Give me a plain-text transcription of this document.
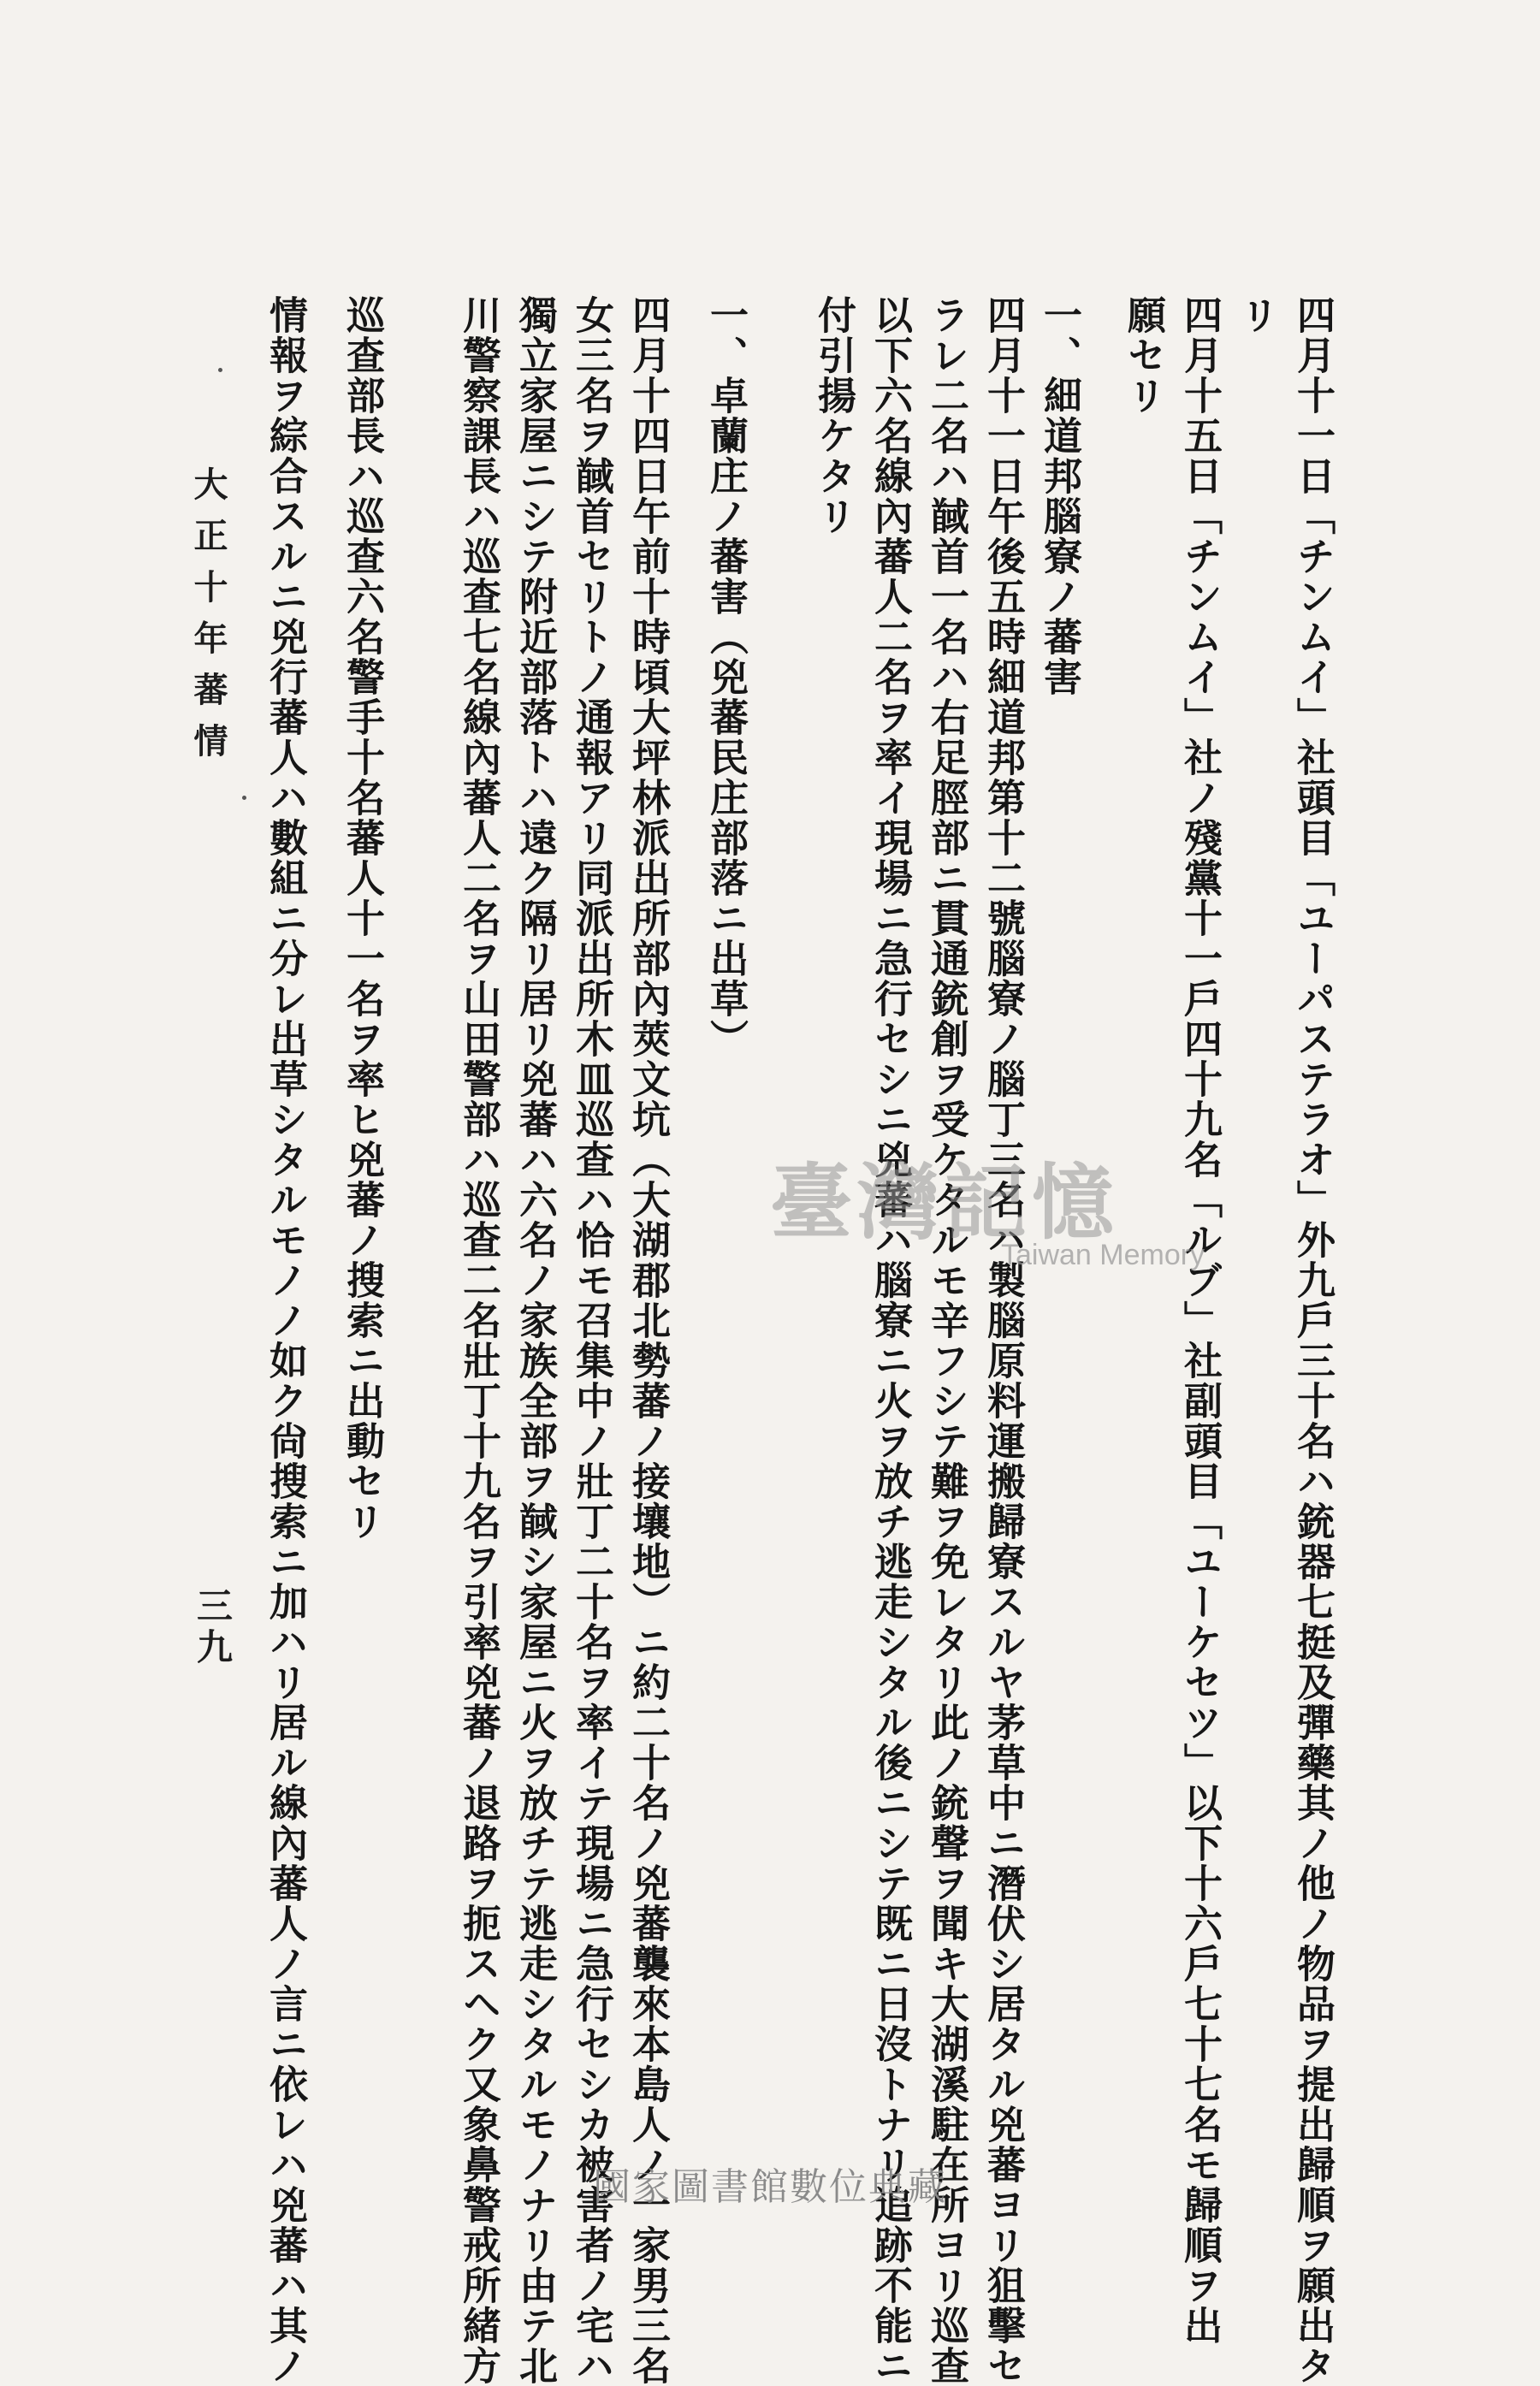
四月十一日「チンムイ」社頭目「ユーパステラオ」外九戶三十名ハ銃器七挺及彈藥其ノ他ノ物品ヲ提出歸順ヲ願出タ
リ
四月十五日「チンムイ」社ノ殘黨十一戶四十九名「ルブ」社副頭目「ユーケセツ」以下十六戶七十七名モ歸順ヲ出
願セリ
一、細道邦腦寮ノ蕃害
四月十一日午後五時細道邦第十二號腦寮ノ腦丁三名ハ製腦原料運搬歸寮スルヤ茅草中ニ潛伏シ居タル兇蕃ヨリ狙擊セ
ラレ二名ハ馘首一名ハ右足脛部ニ貫通銃創ヲ受ケタルモ辛フシテ難ヲ免レタリ此ノ銃聲ヲ聞キ大湖溪駐在所ヨリ巡查
以下六名線內蕃人二名ヲ率イ現場ニ急行セシニ兇蕃ハ腦寮ニ火ヲ放チ逃走シタル後ニシテ既ニ日沒トナリ追跡不能ニ
付引揚ケタリ
一、卓蘭庄ノ蕃害（兇蕃民庄部落ニ出草）
四月十四日午前十時頃大坪林派出所部內莢文坑（大湖郡北勢蕃ノ接壤地）ニ約二十名ノ兇蕃襲來本島人ノ一家男三名
女三名ヲ馘首セリトノ通報アリ同派出所木皿巡查ハ恰モ召集中ノ壯丁二十名ヲ率イテ現場ニ急行セシカ被害者ノ宅ハ
獨立家屋ニシテ附近部落トハ遠ク隔リ居リ兇蕃ハ六名ノ家族全部ヲ馘シ家屋ニ火ヲ放チテ逃走シタルモノナリ由テ北
川警察課長ハ巡查七名線內蕃人二名ヲ山田警部ハ巡查二名壯丁十九名ヲ引率兇蕃ノ退路ヲ扼スヘク又象鼻警戒所緒方
巡查部長ハ巡查六名警手十名蕃人十一名ヲ率ヒ兇蕃ノ搜索ニ出動セリ
情報ヲ綜合スルニ兇行蕃人ハ數組ニ分レ出草シタルモノノ如ク尙搜索ニ加ハリ居ル線內蕃人ノ言ニ依レハ兇蕃ハ其ノ
大正十年蕃情
三九
臺灣記憶
Taiwan Memory
國家圖書館數位典藏
